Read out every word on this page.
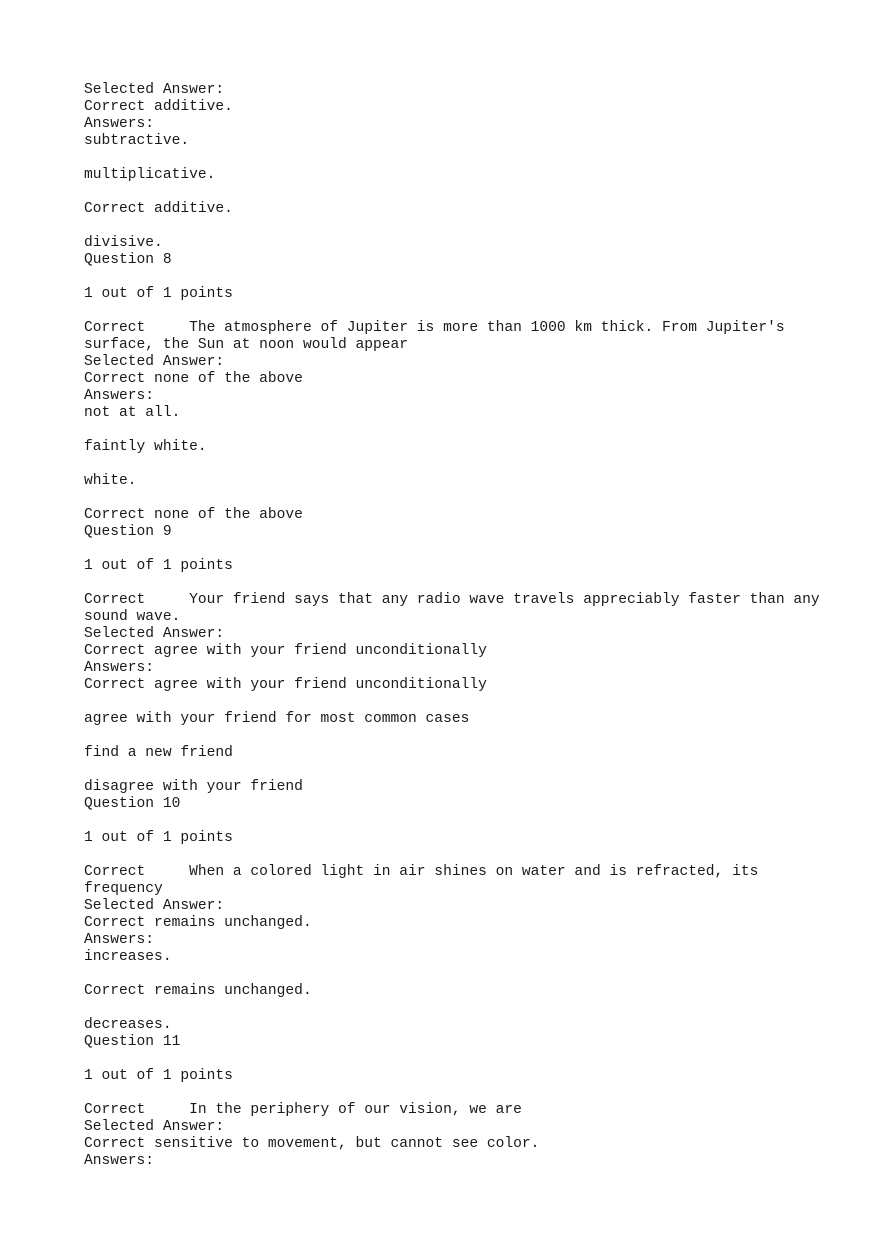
Selected Answer:
Correct additive.
Answers:
subtractive.
multiplicative.
Correct additive.
divisive.
Question 8
1 out of 1 points
Correct     The atmosphere of Jupiter is more than 1000 km thick. From Jupiter's surface, the Sun at noon would appear
Selected Answer:
Correct none of the above
Answers:
not at all.
faintly white.
white.
Correct none of the above
Question 9
1 out of 1 points
Correct     Your friend says that any radio wave travels appreciably faster than any sound wave.
Selected Answer:
Correct agree with your friend unconditionally
Answers:
Correct agree with your friend unconditionally
agree with your friend for most common cases
find a new friend
disagree with your friend
Question 10
1 out of 1 points
Correct     When a colored light in air shines on water and is refracted, its frequency
Selected Answer:
Correct remains unchanged.
Answers:
increases.
Correct remains unchanged.
decreases.
Question 11
1 out of 1 points
Correct     In the periphery of our vision, we are
Selected Answer:
Correct sensitive to movement, but cannot see color.
Answers:
